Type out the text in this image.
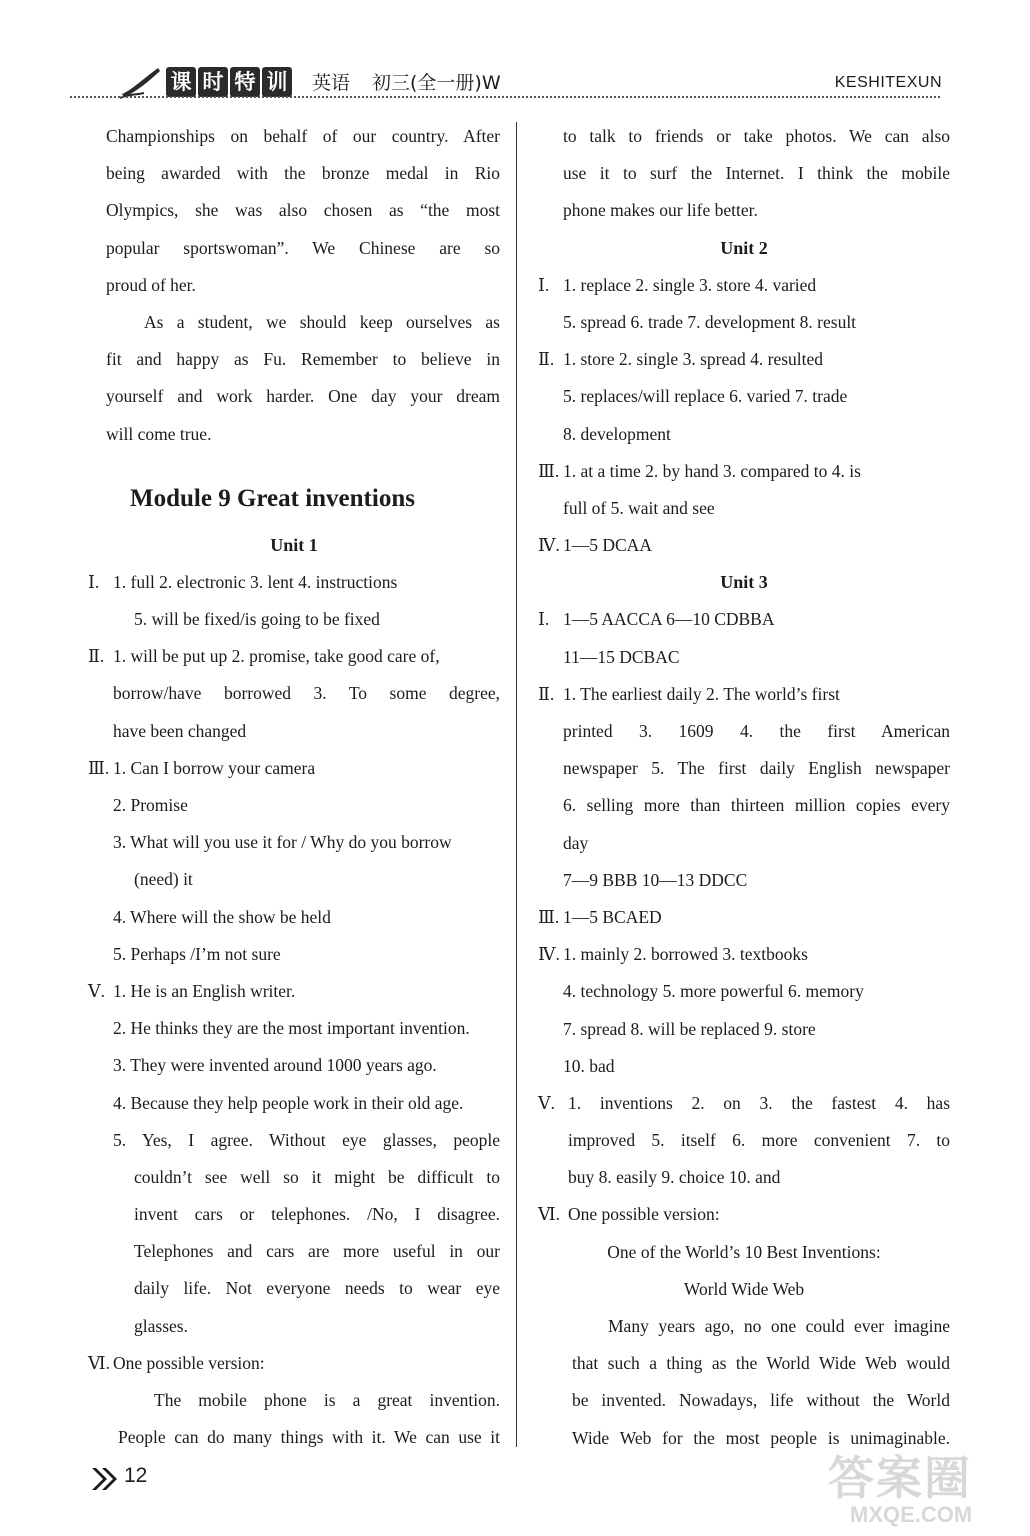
课 时 特 训 英语 初三(全一册)W	KESHITEXUN
Championships on behalf of our country. After
being awarded with the bronze medal in Rio
Olympics, she was also chosen as “the most
popular sportswoman”. We Chinese are so
proud of her.
As a student, we should keep ourselves as
fit and happy as Fu. Remember to believe in
yourself and work harder. One day your dream
will come true.
Module 9 Great inventions
Unit 1
Ⅰ. 1. full 2. electronic 3. lent 4. instructions
5. will be fixed/is going to be fixed
Ⅱ. 1. will be put up 2. promise, take good care of,
borrow/have borrowed 3. To some degree,
have been changed
Ⅲ. 1. Can I borrow your camera
2. Promise
3. What will you use it for / Why do you borrow
(need) it
4. Where will the show be held
5. Perhaps /I’m not sure
Ⅴ. 1. He is an English writer.
2. He thinks they are the most important invention.
3. They were invented around 1000 years ago.
4. Because they help people work in their old age.
5. Yes, I agree. Without eye glasses, people
couldn’t see well so it might be difficult to
invent cars or telephones. /No, I disagree.
Telephones and cars are more useful in our
daily life. Not everyone needs to wear eye
glasses.
Ⅵ. One possible version:
The mobile phone is a great invention.
People can do many things with it. We can use it
to talk to friends or take photos. We can also
use it to surf the Internet. I think the mobile
phone makes our life better.
Unit 2
Ⅰ. 1. replace 2. single 3. store 4. varied
5. spread 6. trade 7. development 8. result
Ⅱ. 1. store 2. single 3. spread 4. resulted
5. replaces/will replace 6. varied 7. trade
8. development
Ⅲ. 1. at a time 2. by hand 3. compared to 4. is
full of 5. wait and see
Ⅳ. 1—5 DCAA
Unit 3
Ⅰ. 1—5 AACCA 6—10 CDBBA
11—15 DCBAC
Ⅱ. 1. The earliest daily 2. The world’s first
printed 3. 1609 4. the first American
newspaper 5. The first daily English newspaper
6. selling more than thirteen million copies every
day
7—9 BBB 10—13 DDCC
Ⅲ. 1—5 BCAED
Ⅳ. 1. mainly 2. borrowed 3. textbooks
4. technology 5. more powerful 6. memory
7. spread 8. will be replaced 9. store
10. bad
Ⅴ. 1. inventions 2. on 3. the fastest 4. has
improved 5. itself 6. more convenient 7. to
buy 8. easily 9. choice 10. and
Ⅵ. One possible version:
One of the World’s 10 Best Inventions:
World Wide Web
Many years ago, no one could ever imagine
that such a thing as the World Wide Web would
be invented. Nowadays, life without the World
Wide Web for the most people is unimaginable.
12	答案圈
MXQE.COM
